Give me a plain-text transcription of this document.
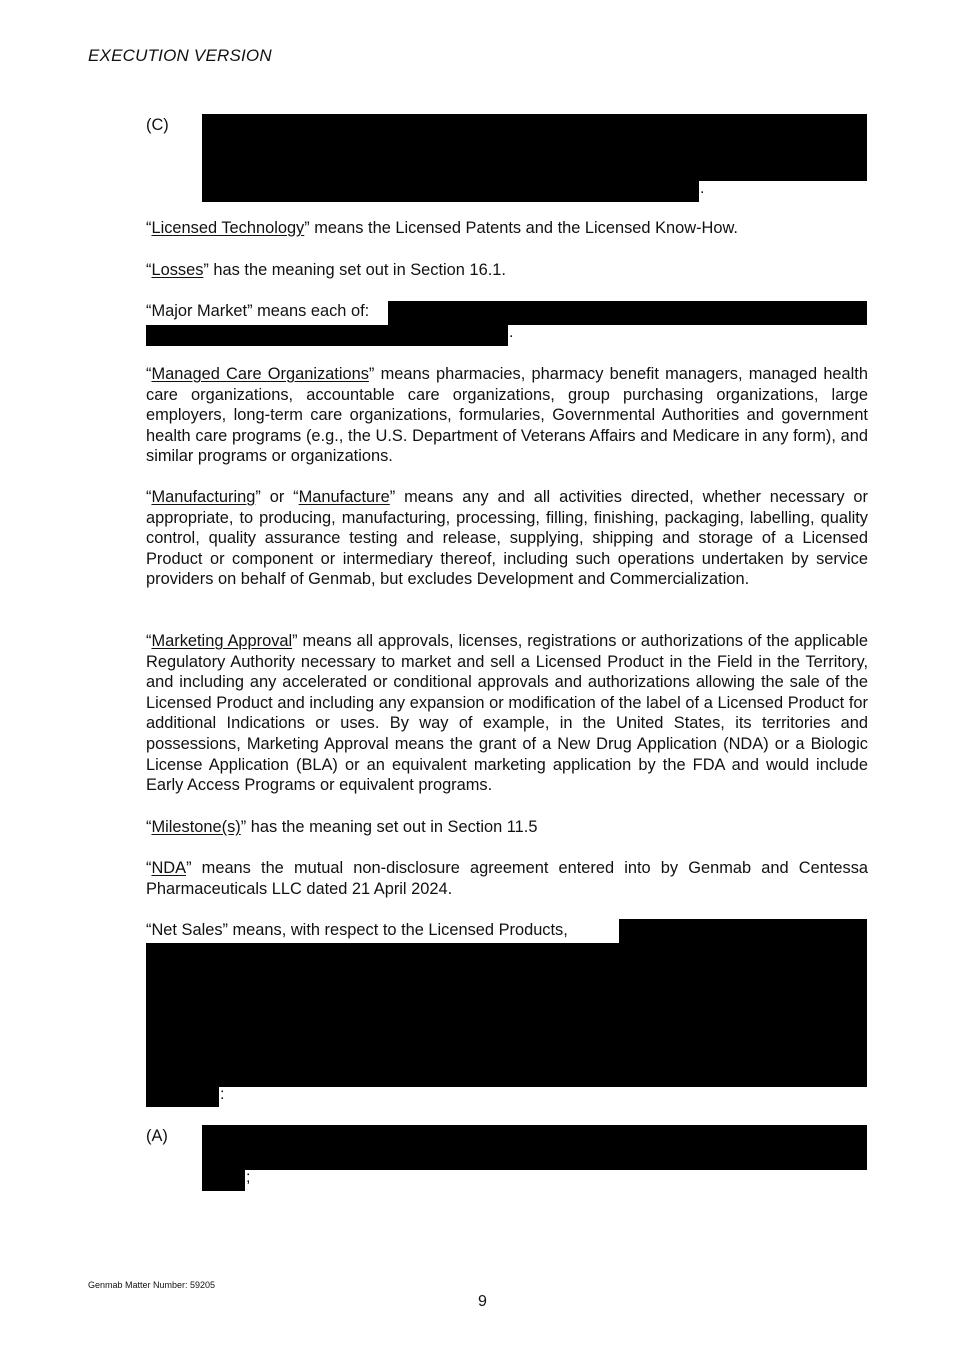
EXECUTION VERSION
(C)
.
“Licensed Technology” means the Licensed Patents and the Licensed Know-How.
“Losses” has the meaning set out in Section 16.1.
“Major Market” means each of:
.
“Managed Care Organizations” means pharmacies, pharmacy benefit managers, managed health care organizations, accountable care organizations, group purchasing organizations, large employers, long-term care organizations, formularies, Governmental Authorities and government health care programs (e.g., the U.S. Department of Veterans Affairs and Medicare in any form), and similar programs or organizations.
“Manufacturing” or “Manufacture” means any and all activities directed, whether necessary or appropriate, to producing, manufacturing, processing, filling, finishing, packaging, labelling, quality control, quality assurance testing and release, supplying, shipping and storage of a Licensed Product or component or intermediary thereof, including such operations undertaken by service providers on behalf of Genmab, but excludes Development and Commercialization.
“Marketing Approval” means all approvals, licenses, registrations or authorizations of the applicable Regulatory Authority necessary to market and sell a Licensed Product in the Field in the Territory, and including any accelerated or conditional approvals and authorizations allowing the sale of the Licensed Product and including any expansion or modification of the label of a Licensed Product for additional Indications or uses. By way of example, in the United States, its territories and possessions, Marketing Approval means the grant of a New Drug Application (NDA) or a Biologic License Application (BLA) or an equivalent marketing application by the FDA and would include Early Access Programs or equivalent programs.
“Milestone(s)” has the meaning set out in Section 11.5
“NDA” means the mutual non-disclosure agreement entered into by Genmab and Centessa Pharmaceuticals LLC dated 21 April 2024.
“Net Sales” means, with respect to the Licensed Products,
:
(A)
;
Genmab Matter Number: 59205
9
